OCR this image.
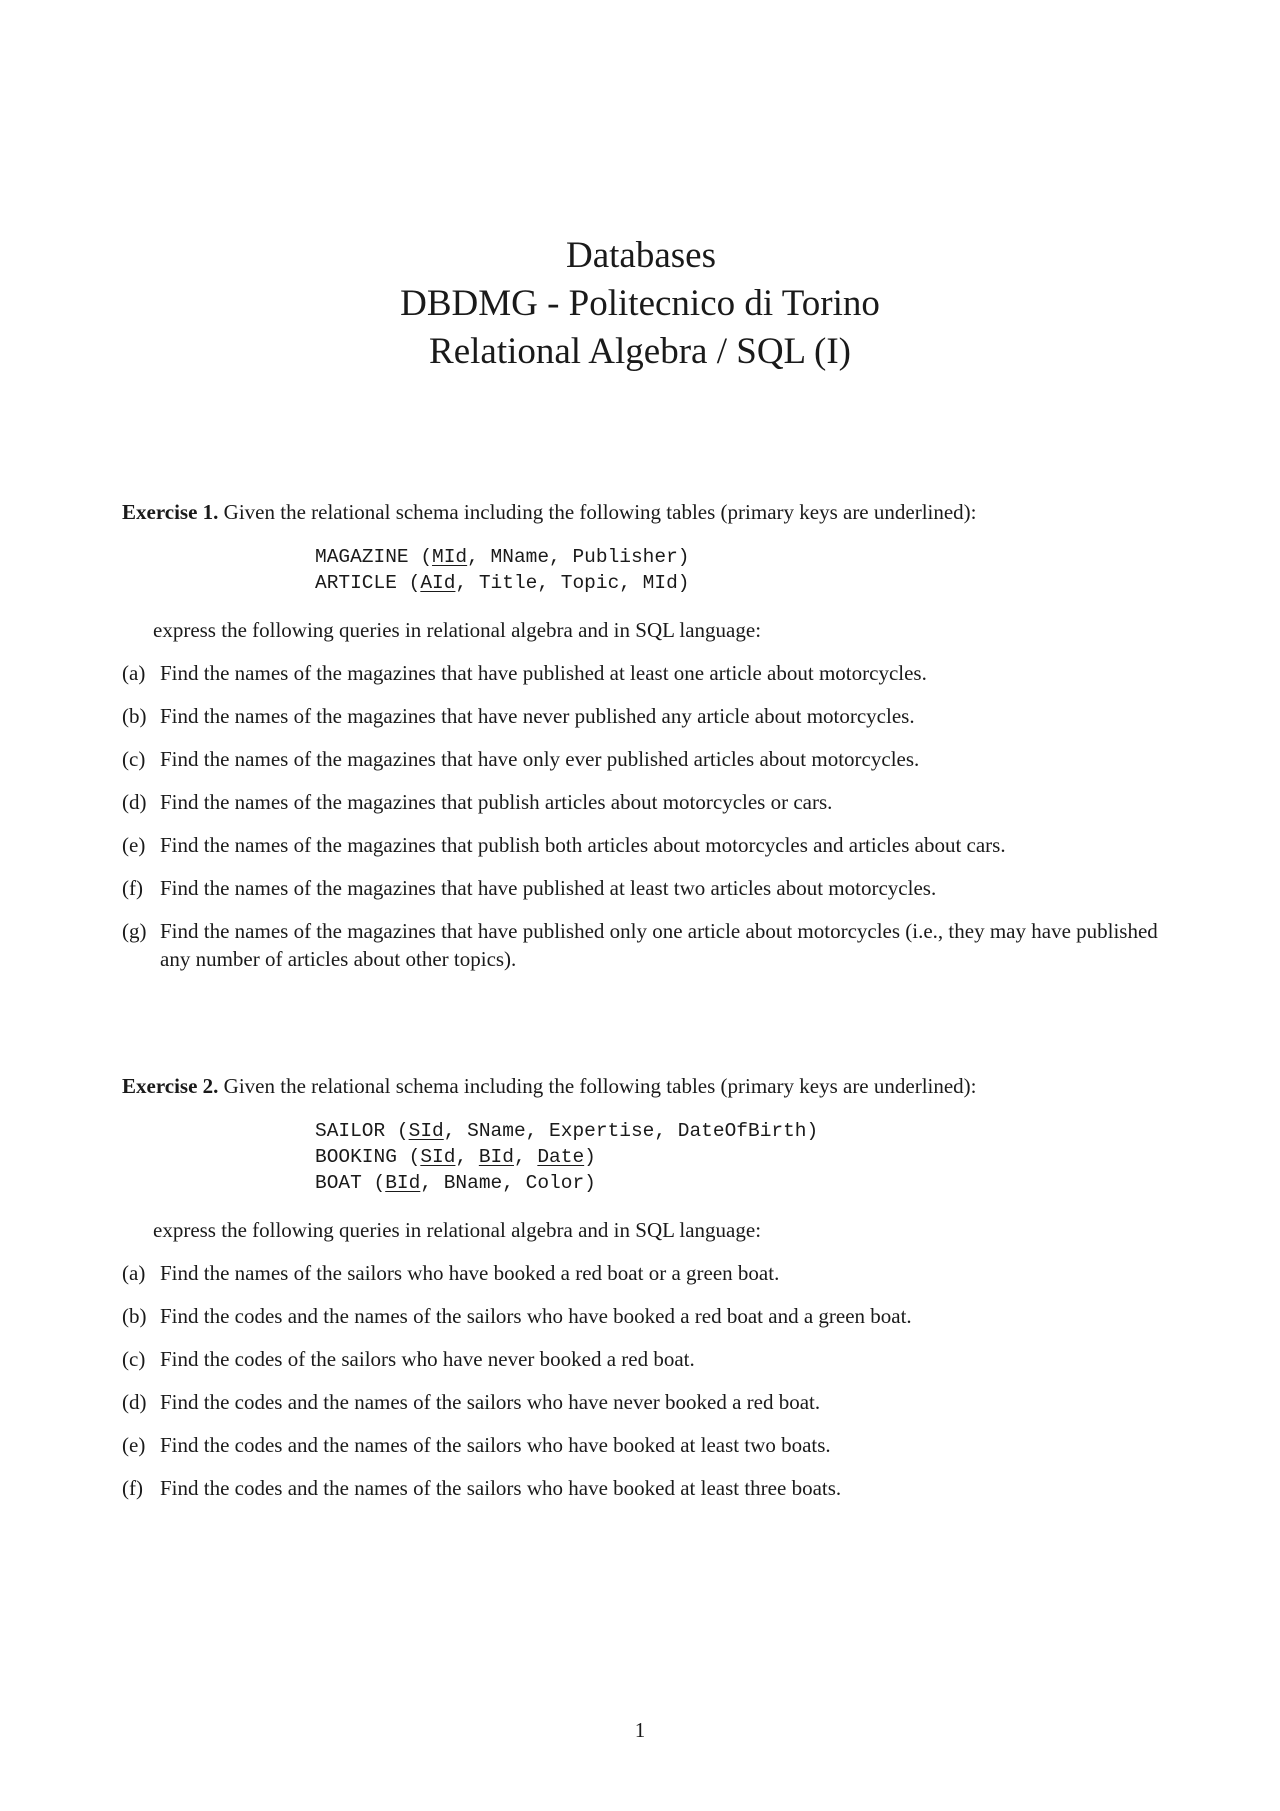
Databases
DBDMG - Politecnico di Torino
Relational Algebra / SQL (I)
Exercise 1. Given the relational schema including the following tables (primary keys are underlined):
MAGAZINE (MId, MName, Publisher)
ARTICLE (AId, Title, Topic, MId)
express the following queries in relational algebra and in SQL language:
(a) Find the names of the magazines that have published at least one article about motorcycles.
(b) Find the names of the magazines that have never published any article about motorcycles.
(c) Find the names of the magazines that have only ever published articles about motorcycles.
(d) Find the names of the magazines that publish articles about motorcycles or cars.
(e) Find the names of the magazines that publish both articles about motorcycles and articles about cars.
(f) Find the names of the magazines that have published at least two articles about motorcycles.
(g) Find the names of the magazines that have published only one article about motorcycles (i.e., they may have published any number of articles about other topics).
Exercise 2. Given the relational schema including the following tables (primary keys are underlined):
SAILOR (SId, SName, Expertise, DateOfBirth)
BOOKING (SId, BId, Date)
BOAT (BId, BName, Color)
express the following queries in relational algebra and in SQL language:
(a) Find the names of the sailors who have booked a red boat or a green boat.
(b) Find the codes and the names of the sailors who have booked a red boat and a green boat.
(c) Find the codes of the sailors who have never booked a red boat.
(d) Find the codes and the names of the sailors who have never booked a red boat.
(e) Find the codes and the names of the sailors who have booked at least two boats.
(f) Find the codes and the names of the sailors who have booked at least three boats.
1
